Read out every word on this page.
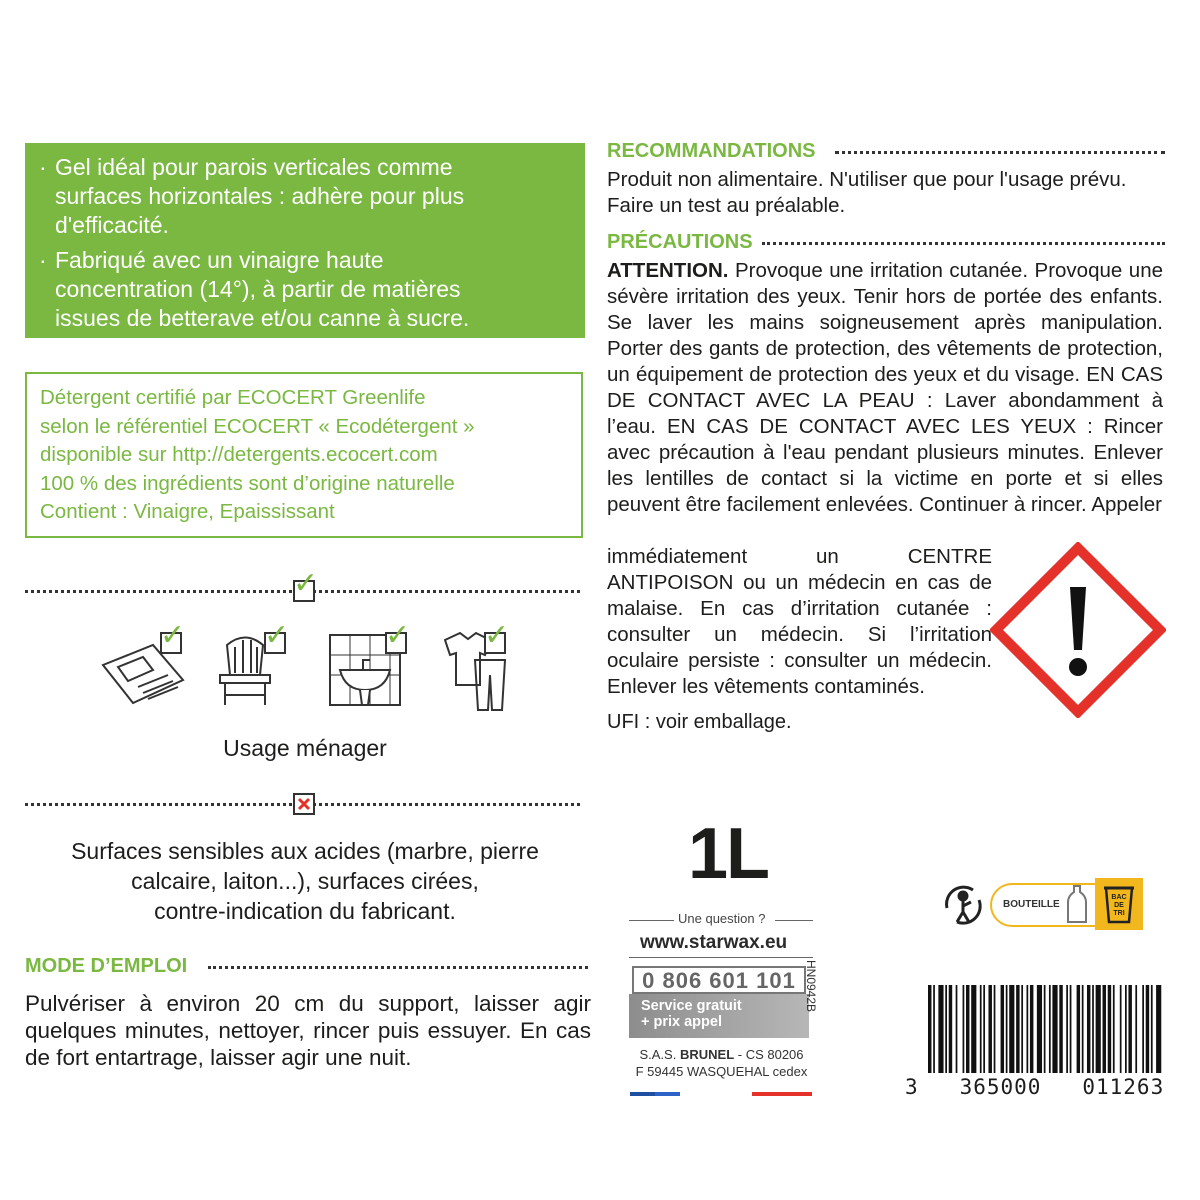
· Gel idéal pour parois verticales comme
surfaces horizontales : adhère pour plus
d'efficacité.
· Fabriqué avec un vinaigre haute
concentration (14°), à partir de matières
issues de betterave et/ou canne à sucre.
Détergent certifié par ECOCERT Greenlife
selon le référentiel ECOCERT « Ecodétergent »
disponible sur http://detergents.ecocert.com
100 % des ingrédients sont d’origine naturelle
Contient : Vinaigre, Epaississant
✓
✓	✓	✓ ✓
Usage ménager
Surfaces sensibles aux acides (marbre, pierre
calcaire, laiton...), surfaces cirées,
contre-indication du fabricant.
MODE D’EMPLOI
Pulvériser à environ 20 cm du support, laisser agir quelques minutes, nettoyer, rincer puis essuyer. En cas de fort entartrage, laisser agir une nuit.
RECOMMANDATIONS
Produit non alimentaire. N'utiliser que pour l'usage prévu. Faire un test au préalable.
PRÉCAUTIONS
ATTENTION. Provoque une irritation cutanée. Provoque une sévère irritation des yeux. Tenir hors de portée des enfants. Se laver les mains soigneusement après manipulation. Porter des gants de protection, des vêtements de protection, un équipement de protection des yeux et du visage. EN CAS DE CONTACT AVEC LA PEAU : Laver abondamment à l’eau. EN CAS DE CONTACT AVEC LES YEUX : Rincer avec précaution à l'eau pendant plusieurs minutes. Enlever les lentilles de contact si la victime en porte et si elles peuvent être facilement enlevées. Continuer à rincer. Appeler
immédiatement un CENTRE ANTIPOISON ou un médecin en cas de malaise. En cas d’irritation cutanée : consulter un médecin. Si l’irritation oculaire persiste : consulter un médecin. Enlever les vêtements contaminés.
UFI : voir emballage.
1L
Une question ?
www.starwax.eu
0 806 601 101
Service gratuit
+ prix appel
HN0942B
S.A.S. BRUNEL - CS 80206
F 59445 WASQUEHAL cedex
BOUTEILLE
BAC DE TRI
3   365000   011263
